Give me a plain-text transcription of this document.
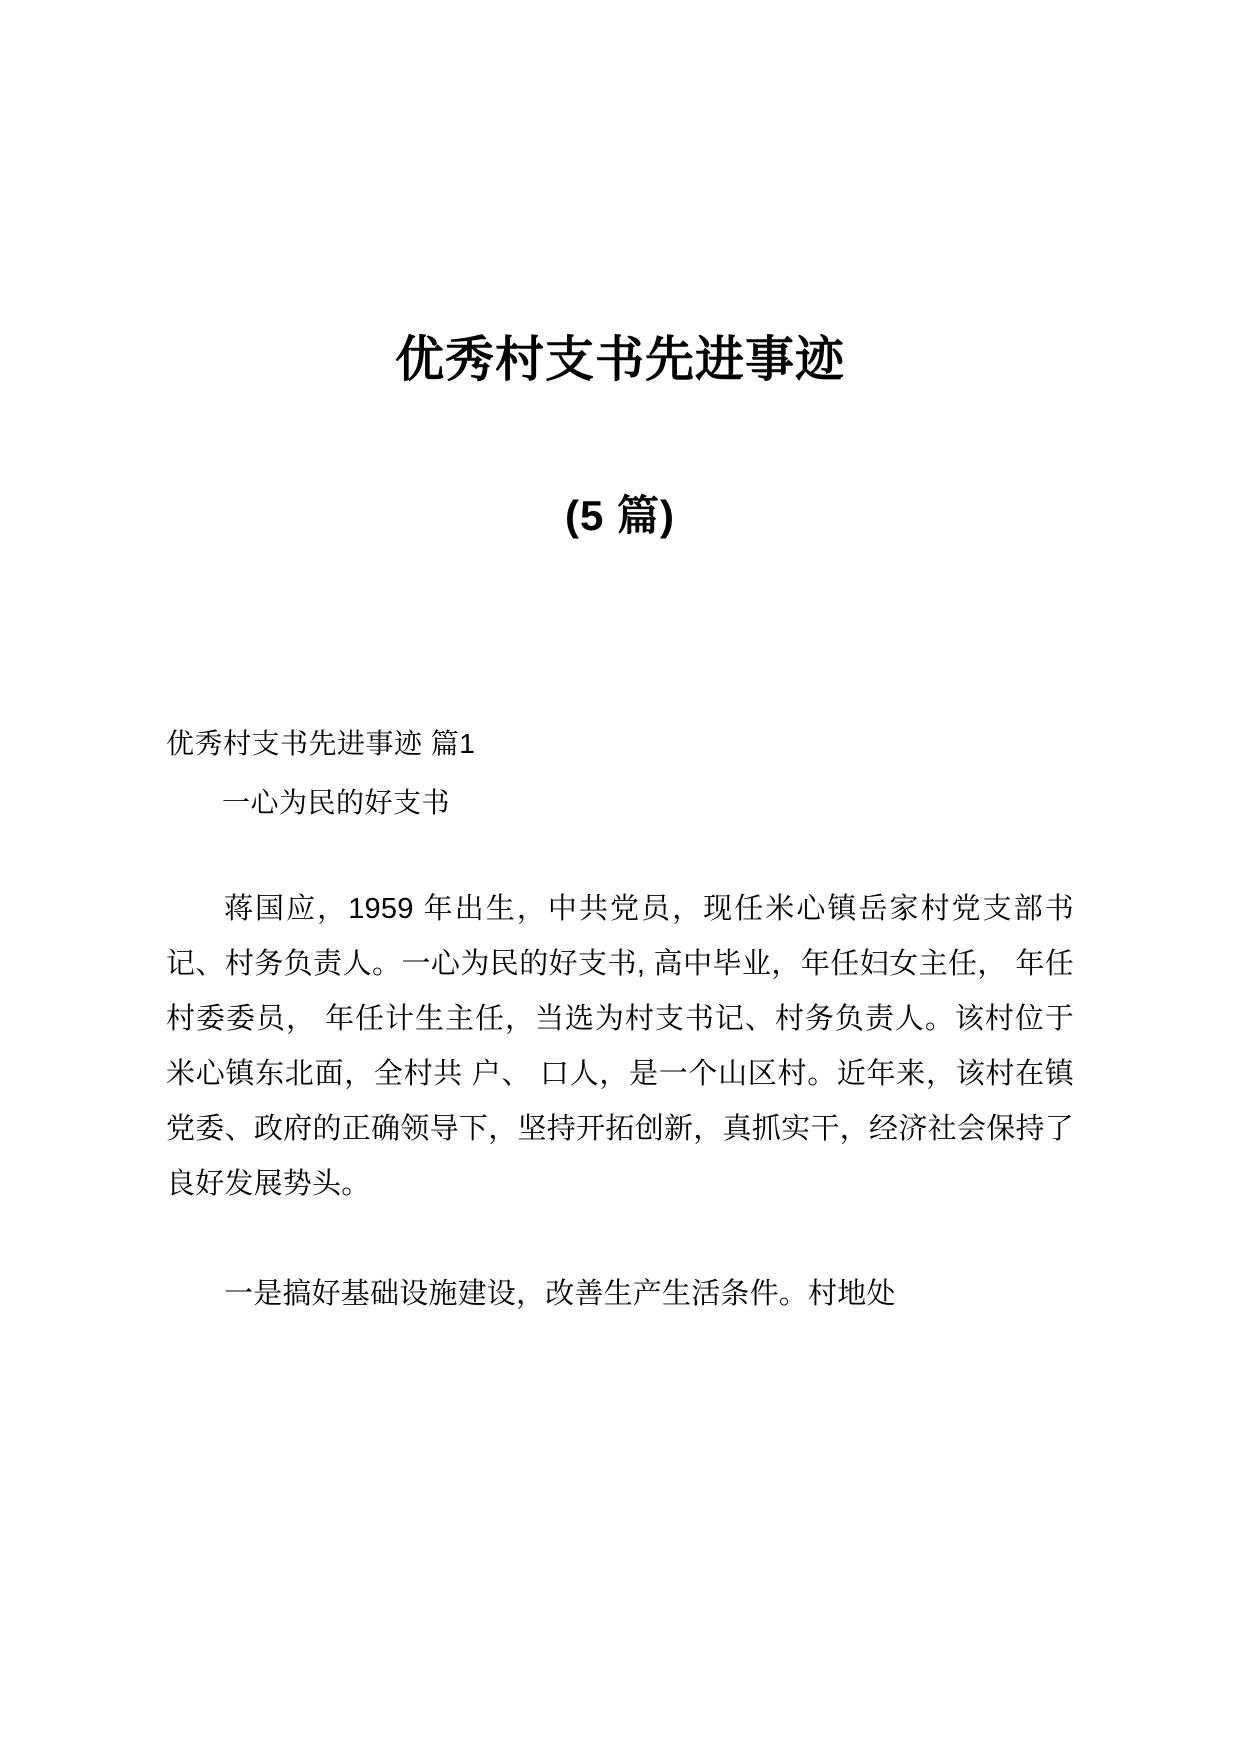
优秀村支书先进事迹
(5 篇)

优秀村支书先进事迹 篇1

一心为民的好支书

蒋国应，1959 年出生，中共党员，现任米心镇岳家村党支部书记、村务负责人。一心为民的好支书, 高中毕业，年任妇女主任， 年任村委委员， 年任计生主任，当选为村支书记、村务负责人。该村位于米心镇东北面，全村共 户、 口人，是一个山区村。近年来，该村在镇党委、政府的正确领导下，坚持开拓创新，真抓实干，经济社会保持了良好发展势头。

一是搞好基础设施建设，改善生产生活条件。村地处
